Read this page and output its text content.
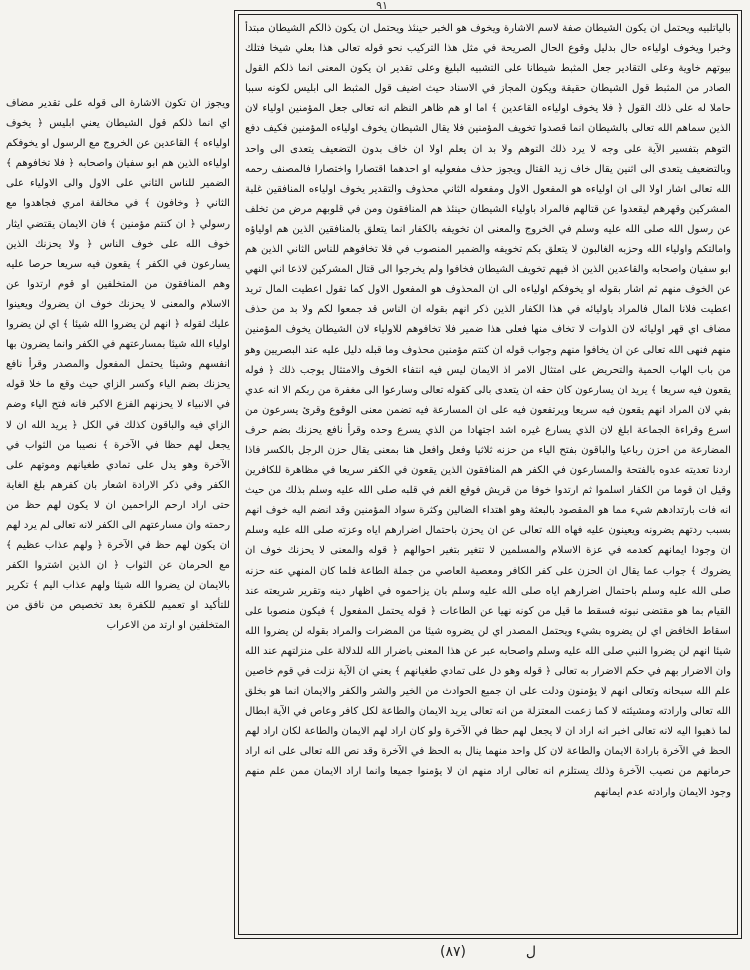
٩١

ويجوز ان تكون الاشارة الى قوله على تقدير مضاف اي انما ذلكم قول الشيطان يعني ابليس ﴿ يخوف اولياءه ﴾ القاعدين عن الخروج مع الرسول او يخوفكم اولياءه الذين هم ابو سفيان واصحابه ﴿ فلا تخافوهم ﴾ الضمير للناس الثاني على الاول والى الاولياء على الثاني ﴿ وخافون ﴾ في مخالفة امري فجاهدوا مع رسولي ﴿ ان كنتم مؤمنين ﴾ فان الايمان يقتضي ايثار خوف الله على خوف الناس ﴿ ولا يحزنك الذين يسارعون في الكفر ﴾ يقعون فيه سريعا حرصا عليه وهم المنافقون من المتخلفين او قوم ارتدوا عن الاسلام والمعنى لا يحزنك خوف ان يضروك ويعينوا عليك لقوله ﴿ انهم لن يضروا الله شيئا ﴾ اي لن يضروا اولياء الله شيئا بمسارعتهم في الكفر وانما يضرون بها انفسهم وشيئا يحتمل المفعول والمصدر وقرأ نافع يحزنك بضم الياء وكسر الزاي حيث وقع ما خلا قوله في الانبياء لا يحزنهم الفزع الاكبر فانه فتح الياء وضم الزاي فيه والباقون كذلك في الكل ﴿ يريد الله ان لا يجعل لهم حظا في الآخرة ﴾ نصيبا من الثواب في الآخرة وهو يدل على تمادي طغيانهم وموتهم على الكفر وفي ذكر الارادة اشعار بان كفرهم بلغ الغاية حتى اراد ارحم الراحمين ان لا يكون لهم حظ من رحمته وان مسارعتهم الى الكفر لانه تعالى لم يرد لهم ان يكون لهم حظ في الآخرة ﴿ ولهم عذاب عظيم ﴾ مع الحرمان عن الثواب ﴿ ان الذين اشتروا الكفر بالايمان لن يضروا الله شيئا ولهم عذاب اليم ﴾ تكرير للتأكيد او تعميم للكفرة بعد تخصيص من نافق من المتخلفين او ارتد من الاعراب

بالياتلبيه ويحتمل ان يكون الشيطان صفة لاسم الاشارة ويخوف هو الخبر حينئذ ويحتمل ان يكون ذالكم الشيطان مبتدأ وخبرا ويخوف اولياءه حال بدليل وقوع الحال الصريحة في مثل هذا التركيب نحو قوله تعالى هذا بعلي شيخا فتلك بيوتهم خاوية وعلى التقادير جعل المثبط شيطانا على التشبيه البليغ وعلى تقدير ان يكون المعنى انما ذلكم القول الصادر من المثبط قول الشيطان حقيقة ويكون المجاز في الاسناد حيث اضيف قول المثبط الى ابليس لكونه سببا حاملا له على ذلك القول ﴿ فلا يخوف اولياءه القاعدين ﴾ اما او هم ظاهر النظم انه تعالى جعل المؤمنين اولياء لان الذين سماهم الله تعالى بالشيطان انما قصدوا تخويف المؤمنين فلا يقال الشيطان يخوف اولياءه المؤمنين فكيف دفع التوهم بتفسير الآية على وجه لا يرد ذلك التوهم ولا بد ان يعلم اولا ان خاف بدون التضعيف يتعدى الى واحد وبالتضعيف يتعدى الى اثنين يقال خاف زيد القتال ويجوز حذف مفعوليه او احدهما اقتصارا واختصارا فالمصنف رحمه الله تعالى اشار اولا الى ان اولياءه هو المفعول الاول ومفعوله الثاني محذوف والتقدير يخوف اولياءه المنافقين غلبة المشركين وقهرهم ليقعدوا عن قتالهم فالمراد باولياء الشيطان حينئذ هم المنافقون ومن في قلوبهم مرض من تخلف عن رسول الله صلى الله عليه وسلم في الخروج والمعنى ان تخويفه بالكفار انما يتعلق بالمنافقين الذين هم اولياؤه وامالتكم واولياء الله وحزبه الغالبون لا يتعلق بكم تخويفه والضمير المنصوب في فلا تخافوهم للناس الثاني الذين هم ابو سفيان واصحابه والقاعدين الذين اذ فيهم تخويف الشيطان فخافوا ولم يخرجوا الى قتال المشركين لاذعا اني النهي عن الخوف منهم ثم اشار بقوله او يخوفكم اولياءه الى ان المحذوف هو المفعول الاول كما تقول اعطيت المال تريد اعطيت فلانا المال فالمراد باوليائه في هذا الكفار الذين ذكر انهم بقوله ان الناس قد جمعوا لكم ولا بد من حذف مضاف اي قهر اوليائه لان الذوات لا تخاف منها فعلى هذا ضمير فلا تخافوهم للاولياء لان الشيطان يخوف المؤمنين منهم فنهى الله تعالى عن ان يخافوا منهم وجواب قوله ان كنتم مؤمنين محذوف وما قبله دليل عليه عند البصريين وهو من باب الهاب الحمية والتحريض على امتثال الامر اذ الايمان ليس فيه انتفاء الخوف والامتثال يوجب ذلك ﴿ فوله يقعون فيه سريعا ﴾ يريد ان يسارعون كان حقه ان يتعدى بالى كقوله تعالى وسارعوا الى مغفرة من ربكم الا انه عدي بفي لان المراد انهم يقعون فيه سريعا ويرتفعون فيه على ان المسارعة فيه تضمن معنى الوقوع وقرئ يسرعون من اسرع وقراءة الجماعة ابلغ لان الذي يسارع غيره اشد اجتهادا من الذي يسرع وحده وقرأ نافع يحزنك بضم حرف المضارعة من احزن رباعيا والباقون بفتح الياء من حزنه ثلاثيا وفعل وافعل هنا بمعنى يقال حزن الرجل بالكسر فاذا اردنا تعديته عدوه بالفتحة والمسارعون في الكفر هم المنافقون الذين يقعون في الكفر سريعا في مظاهرة للكافرين وقيل ان قوما من الكفار اسلموا ثم ارتدوا خوفا من قريش فوقع الغم في قلبه صلى الله عليه وسلم بذلك من حيث انه فات بارتدادهم شيء مما هو المقصود بالبعثة وهو اهتداء الضالين وكثرة سواد المؤمنين وقد انضم اليه خوف انهم بسبب ردتهم يضرونه ويعينون عليه فهاه الله تعالى عن ان يحزن باحتمال اضرارهم اياه وعزته صلى الله عليه وسلم ان وجودا ايمانهم كعدمه في عزة الاسلام والمسلمين لا تتغير بتغير احوالهم ﴿ قوله والمعنى لا يحزنك خوف ان يضروك ﴾ جواب عما يقال ان الحزن على كفر الكافر ومعصية العاصي من جملة الطاعة فلما كان المنهي عنه حزنه صلى الله عليه وسلم باحتمال اضرارهم اياه صلى الله عليه وسلم بان يزاحموه في اظهار دينه وتقرير شريعته عند القيام بما هو مقتضى نبوته فسقط ما قيل من كونه نهيا عن الطاعات ﴿ قوله يحتمل المفعول ﴾ فيكون منصوبا على اسقاط الخافض اي لن يضروه بشيء ويحتمل المصدر اي لن يضروه شيئا من المضرات والمراد بقوله لن يضروا الله شيئا انهم لن يضروا النبي صلى الله عليه وسلم واصحابه عبر عن هذا المعنى باضرار الله للدلالة على منزلتهم عند الله وان الاضرار بهم في حكم الاضرار به تعالى ﴿ قوله وهو دل على تمادي طغيانهم ﴾ يعني ان الآية نزلت في قوم خاصين علم الله سبحانه وتعالى انهم لا يؤمنون ودلت على ان جميع الحوادث من الخير والشر والكفر والايمان انما هو بخلق الله تعالى وارادته ومشيئته لا كما زعمت المعتزلة من انه تعالى يريد الايمان والطاعة لكل كافر وعاص في الآية ابطال لما ذهبوا اليه لانه تعالى اخبر انه اراد ان لا يجعل لهم حظا في الآخرة ولو كان اراد لهم الايمان والطاعة لكان اراد لهم الحظ في الآخرة بارادة الايمان والطاعة لان كل واحد منهما ينال به الحظ في الآخرة وقد نص الله تعالى على انه اراد حرمانهم من نصيب الآخرة وذلك يستلزم انه تعالى اراد منهم ان لا يؤمنوا جميعا وانما اراد الايمان ممن علم منهم وجود الايمان وارادته عدم ايمانهم

(٨٧)	ل
